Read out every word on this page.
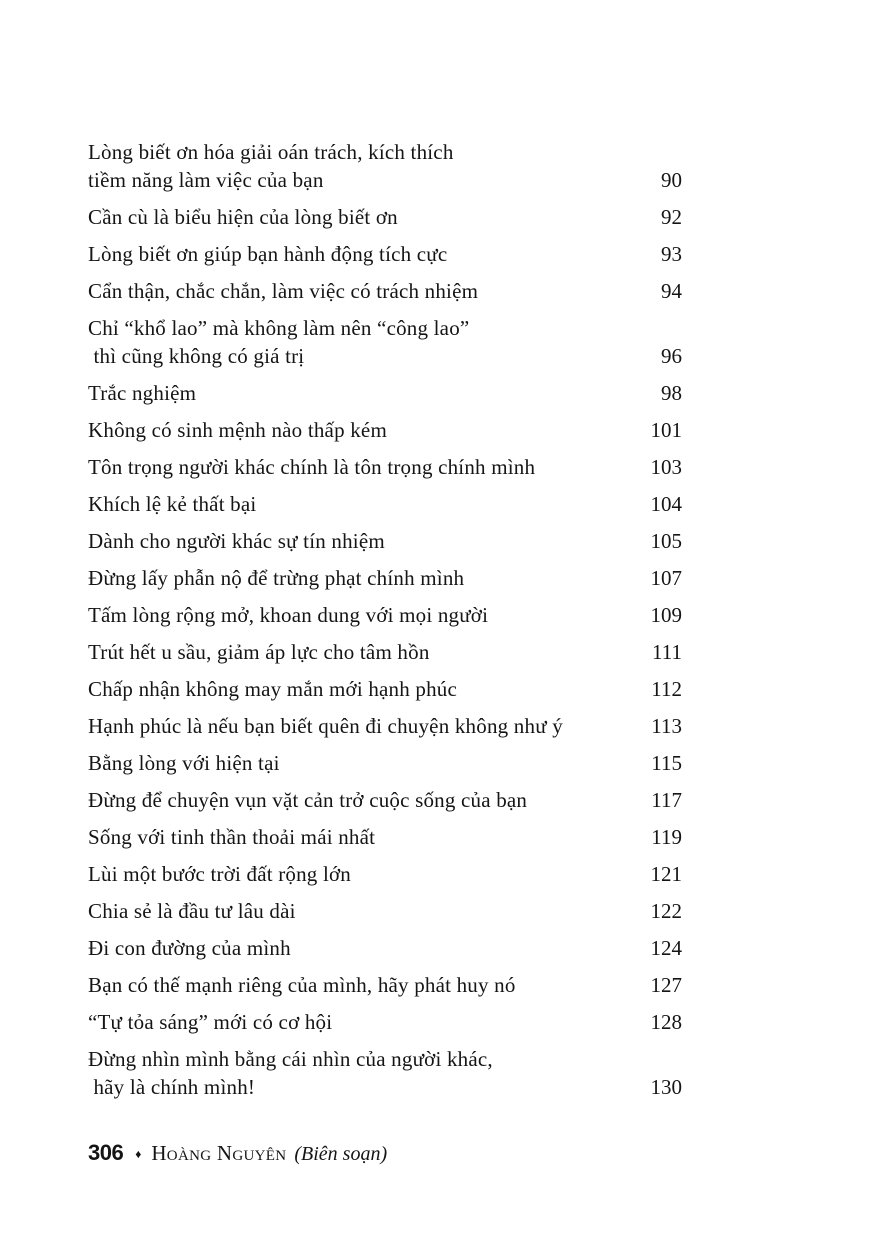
Lòng biết ơn hóa giải oán trách, kích thích
tiềm năng làm việc của bạn	90
Cần cù là biểu hiện của lòng biết ơn	92
Lòng biết ơn giúp bạn hành động tích cực	93
Cẩn thận, chắc chắn, làm việc có trách nhiệm	94
Chỉ “khổ lao” mà không làm nên “công lao”
thì cũng không có giá trị	96
Trắc nghiệm	98
Không có sinh mệnh nào thấp kém	101
Tôn trọng người khác chính là tôn trọng chính mình	103
Khích lệ kẻ thất bại	104
Dành cho người khác sự tín nhiệm	105
Đừng lấy phẫn nộ để trừng phạt chính mình	107
Tấm lòng rộng mở, khoan dung với mọi người	109
Trút hết u sầu, giảm áp lực cho tâm hồn	111
Chấp nhận không may mắn mới hạnh phúc	112
Hạnh phúc là nếu bạn biết quên đi chuyện không như ý	113
Bằng lòng với hiện tại	115
Đừng để chuyện vụn vặt cản trở cuộc sống của bạn	117
Sống với tinh thần thoải mái nhất	119
Lùi một bước trời đất rộng lớn	121
Chia sẻ là đầu tư lâu dài	122
Đi con đường của mình	124
Bạn có thế mạnh riêng của mình, hãy phát huy nó	127
“Tự tỏa sáng” mới có cơ hội	128
Đừng nhìn mình bằng cái nhìn của người khác,
hãy là chính mình!	130
306 ♦ Hoàng Nguyên (Biên soạn)
